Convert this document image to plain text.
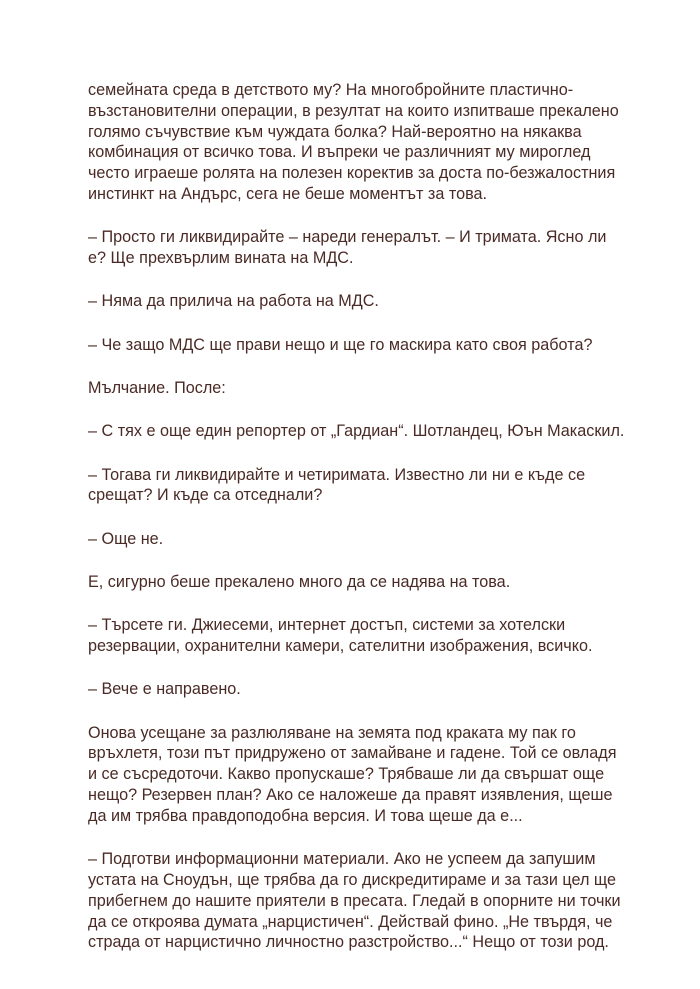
семейната среда в детството му? На многобройните пластично-възстановителни операции, в резултат на които изпитваше прекалено голямо съчувствие към чуждата болка? Най-вероятно на някаква комбинация от всичко това. И въпреки че различният му мироглед често играеше ролята на полезен коректив за доста по-безжалостния инстинкт на Андърс, сега не беше моментът за това.

– Просто ги ликвидирайте – нареди генералът. – И тримата. Ясно ли е? Ще прехвърлим вината на МДС.

– Няма да прилича на работа на МДС.

– Че защо МДС ще прави нещо и ще го маскира като своя работа?

Мълчание. После:

– С тях е още един репортер от „Гардиан“. Шотландец, Юън Макаскил.

– Тогава ги ликвидирайте и четиримата. Известно ли ни е къде се срещат? И къде са отседнали?

– Още не.

Е, сигурно беше прекалено много да се надява на това.

– Търсете ги. Джиесеми, интернет достъп, системи за хотелски резервации, охранителни камери, сателитни изображения, всичко.

– Вече е направено.

Онова усещане за разлюляване на земята под краката му пак го връхлетя, този път придружено от замайване и гадене. Той се овладя и се съсредоточи. Какво пропускаше? Трябваше ли да свършат още нещо? Резервен план? Ако се наложеше да правят изявления, щеше да им трябва правдоподобна версия. И това щеше да е...

– Подготви информационни материали. Ако не успеем да запушим устата на Сноудън, ще трябва да го дискредитираме и за тази цел ще прибегнем до нашите приятели в пресата. Гледай в опорните ни точки да се откроява думата „нарцистичен“. Действай фино. „Не твърдя, че страда от нарцистично личностно разстройство...“ Нещо от този род.
